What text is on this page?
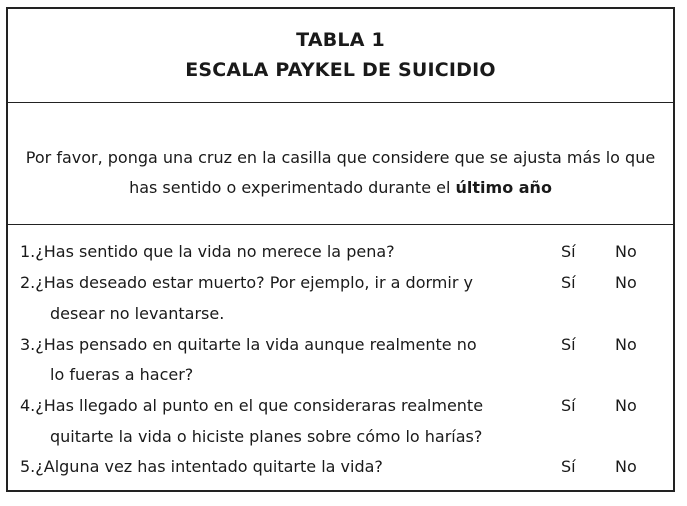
TABLA 1
ESCALA PAYKEL DE SUICIDIO
Por favor, ponga una cruz en la casilla que considere que se ajusta más lo que has sentido o experimentado durante el último año
1.¿Has sentido que la vida no merece la pena?	Sí No
2.¿Has deseado estar muerto? Por ejemplo, ir a dormir y
desear no levantarse.
Sí No
3.¿Has pensado en quitarte la vida aunque realmente no
lo fueras a hacer?
Sí No
4.¿Has llegado al punto en el que consideraras realmente
quitarte la vida o hiciste planes sobre cómo lo harías?
Sí No
5.¿Alguna vez has intentado quitarte la vida?	Sí No
